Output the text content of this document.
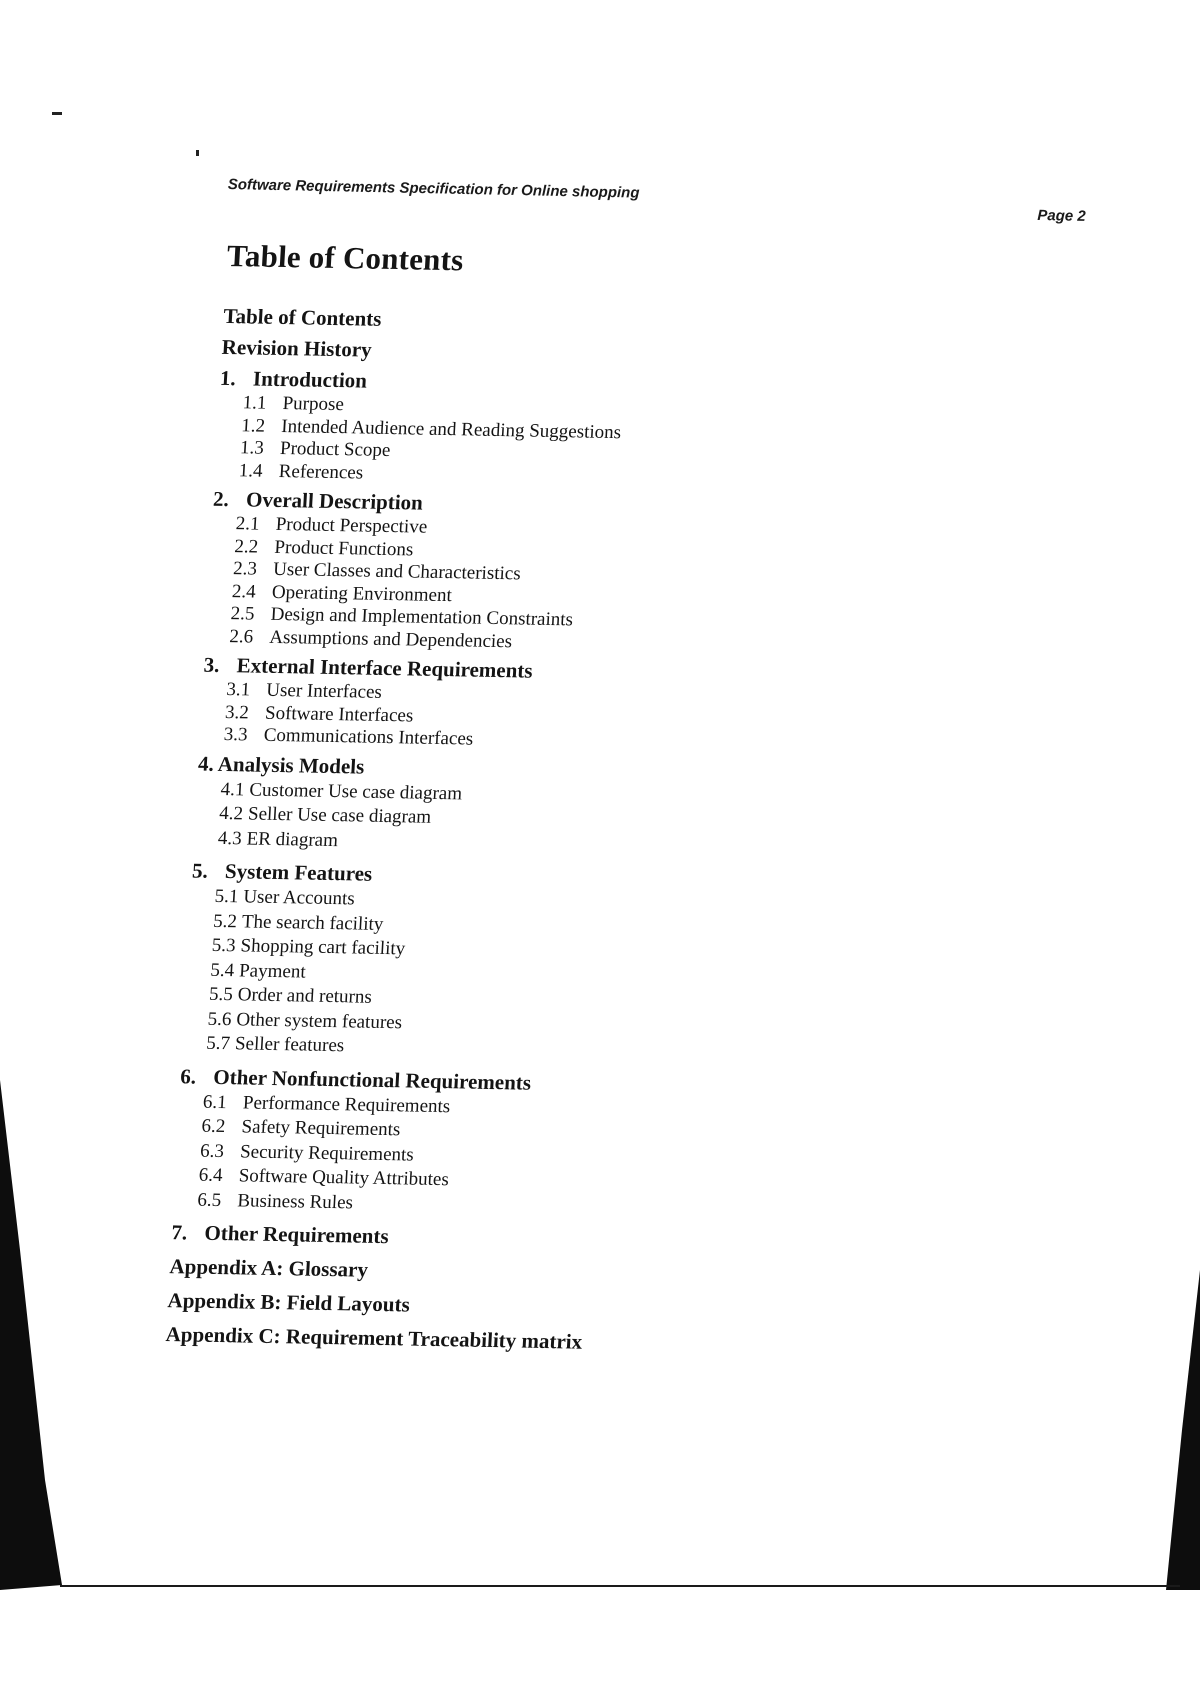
Software Requirements Specification for Online shopping
Page 2
Table of Contents
Table of Contents
Revision History
1. Introduction
1.1 Purpose
1.2 Intended Audience and Reading Suggestions
1.3 Product Scope
1.4 References
2. Overall Description
2.1 Product Perspective
2.2 Product Functions
2.3 User Classes and Characteristics
2.4 Operating Environment
2.5 Design and Implementation Constraints
2.6 Assumptions and Dependencies
3. External Interface Requirements
3.1 User Interfaces
3.2 Software Interfaces
3.3 Communications Interfaces
4. Analysis Models
4.1 Customer Use case diagram
4.2 Seller Use case diagram
4.3 ER diagram
5. System Features
5.1 User Accounts
5.2 The search facility
5.3 Shopping cart facility
5.4 Payment
5.5 Order and returns
5.6 Other system features
5.7 Seller features
6. Other Nonfunctional Requirements
6.1 Performance Requirements
6.2 Safety Requirements
6.3 Security Requirements
6.4 Software Quality Attributes
6.5 Business Rules
7. Other Requirements
Appendix A: Glossary
Appendix B: Field Layouts
Appendix C: Requirement Traceability matrix
